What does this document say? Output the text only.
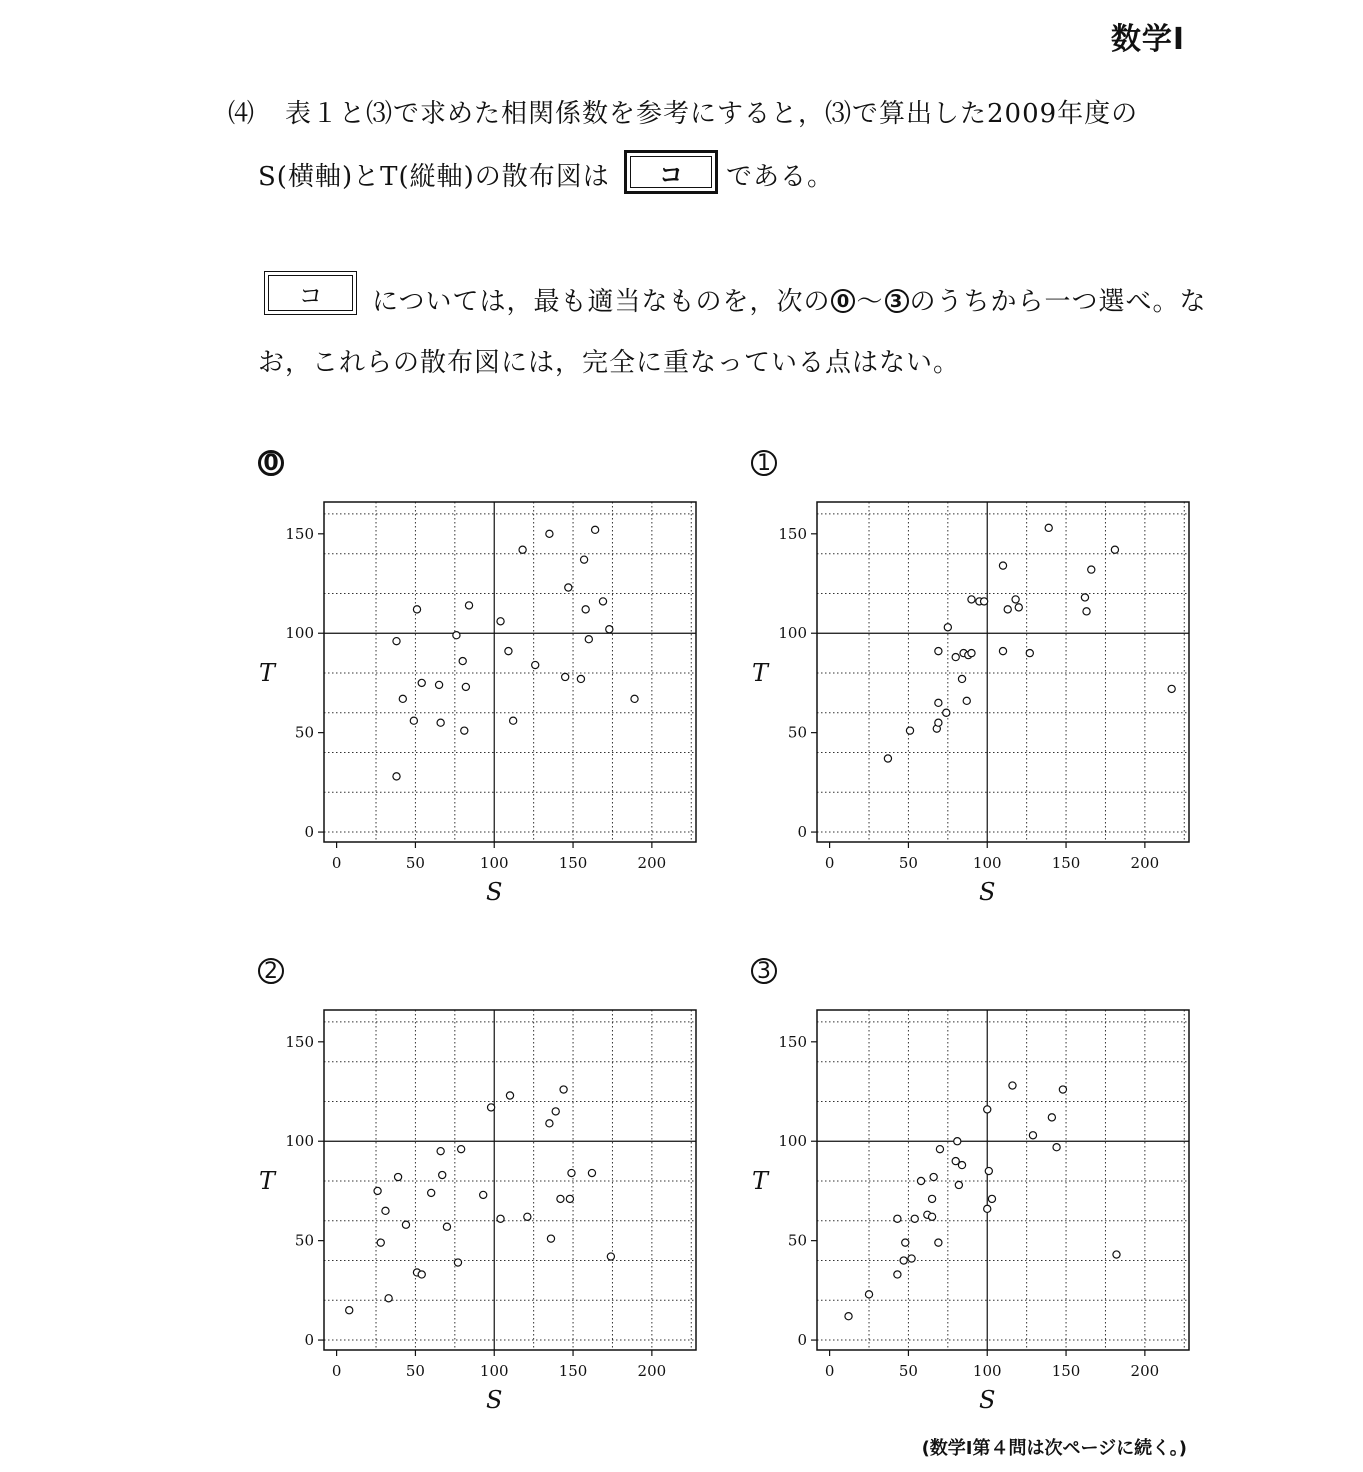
数学Ⅰ
⑷ 表１と⑶で求めた相関係数を参考にすると，⑶で算出した2009年度の
S(横軸)とT(縦軸)の散布図は	コ	である。
コ	については，最も適当なものを，次の 0 ～ 3 のうちから一つ選べ。な
お，これらの散布図には，完全に重なっている点はない。
0	1
2	3
0	50	100	150	200
0
50
100
150
S
T
0	50	100	150	200
0
50
100
150
S
T
0	50	100	150	200
0
50
100
150
S
T
0	50	100	150	200
0
50
100
150
S
T
(数学Ⅰ第４問は次ページに続く。)
